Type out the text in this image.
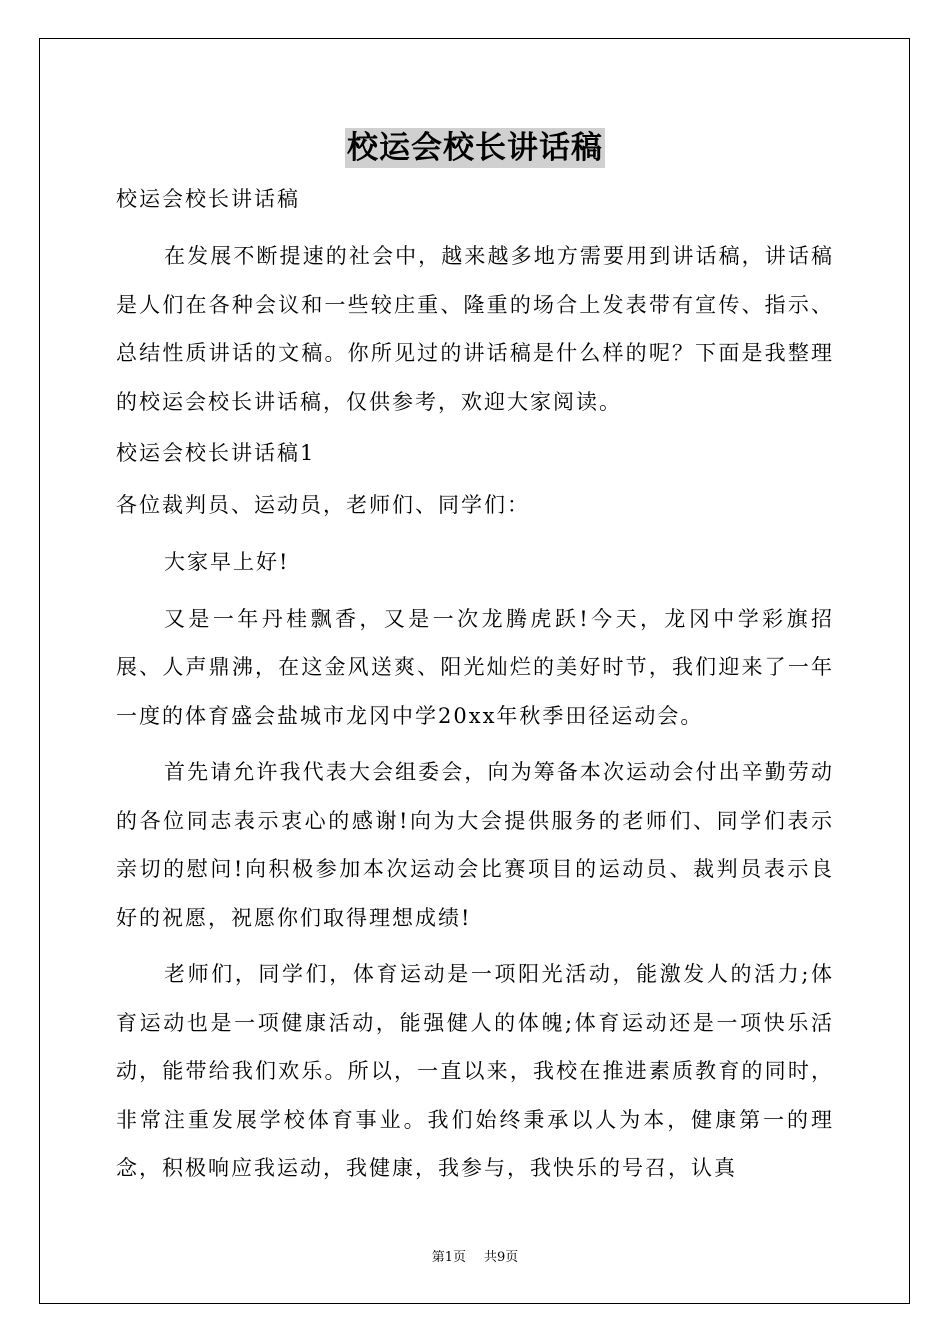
校运会校长讲话稿

校运会校长讲话稿

在发展不断提速的社会中，越来越多地方需要用到讲话稿，讲话稿是人们在各种会议和一些较庄重、隆重的场合上发表带有宣传、指示、总结性质讲话的文稿。你所见过的讲话稿是什么样的呢？下面是我整理的校运会校长讲话稿，仅供参考，欢迎大家阅读。

校运会校长讲话稿1

各位裁判员、运动员，老师们、同学们：

大家早上好!

又是一年丹桂飘香，又是一次龙腾虎跃!今天，龙冈中学彩旗招展、人声鼎沸，在这金风送爽、阳光灿烂的美好时节，我们迎来了一年一度的体育盛会盐城市龙冈中学20xx年秋季田径运动会。

首先请允许我代表大会组委会，向为筹备本次运动会付出辛勤劳动的各位同志表示衷心的感谢!向为大会提供服务的老师们、同学们表示亲切的慰问!向积极参加本次运动会比赛项目的运动员、裁判员表示良好的祝愿，祝愿你们取得理想成绩!

老师们，同学们，体育运动是一项阳光活动，能激发人的活力;体育运动也是一项健康活动，能强健人的体魄;体育运动还是一项快乐活动，能带给我们欢乐。所以，一直以来，我校在推进素质教育的同时，非常注重发展学校体育事业。我们始终秉承以人为本，健康第一的理念，积极响应我运动，我健康，我参与，我快乐的号召，认真

第1页 共9页
